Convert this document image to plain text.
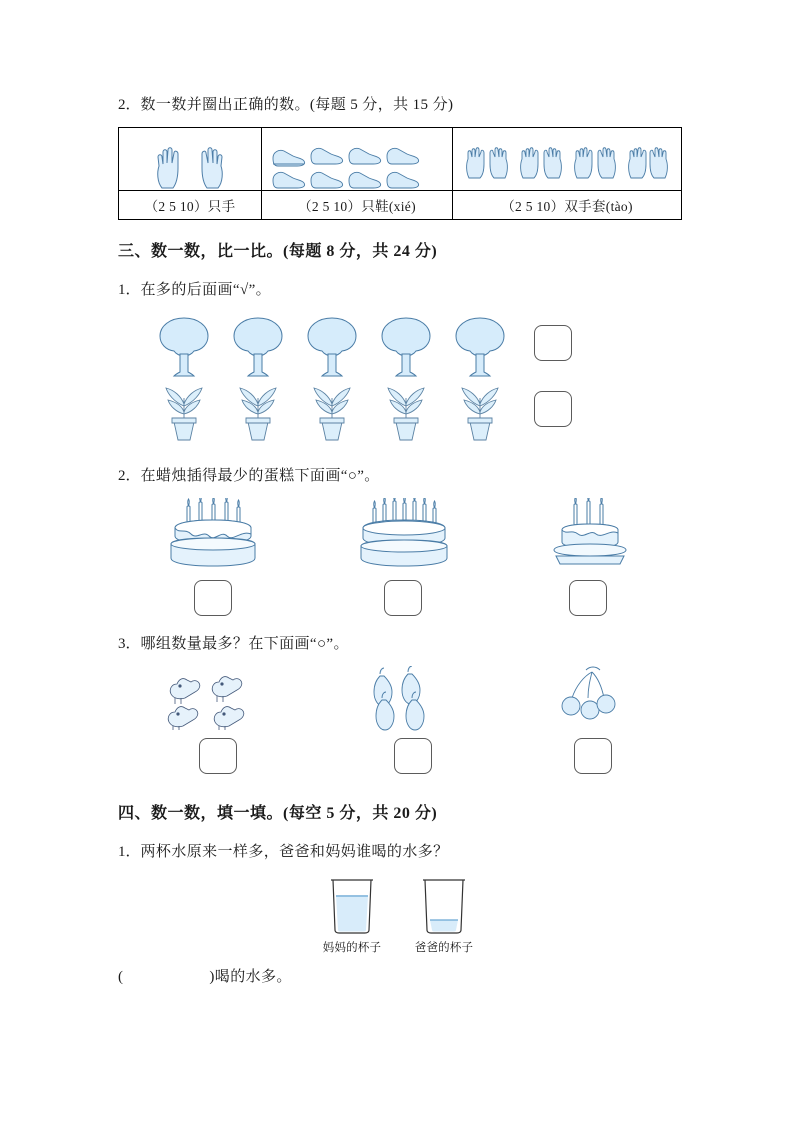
2．数一数并圈出正确的数。(每题 5 分，共 15 分)

（2 5 10）只手	（2 5 10）只鞋(xié)	（2 5 10）双手套(tào)

三、数一数，比一比。(每题 8 分，共 24 分)

1．在多的后面画“√”。

2．在蜡烛插得最少的蛋糕下面画“○”。

3．哪组数量最多？在下面画“○”。

四、数一数，填一填。(每空 5 分，共 20 分)

1．两杯水原来一样多，爸爸和妈妈谁喝的水多？

妈妈的杯子	爸爸的杯子

(	)喝的水多。
